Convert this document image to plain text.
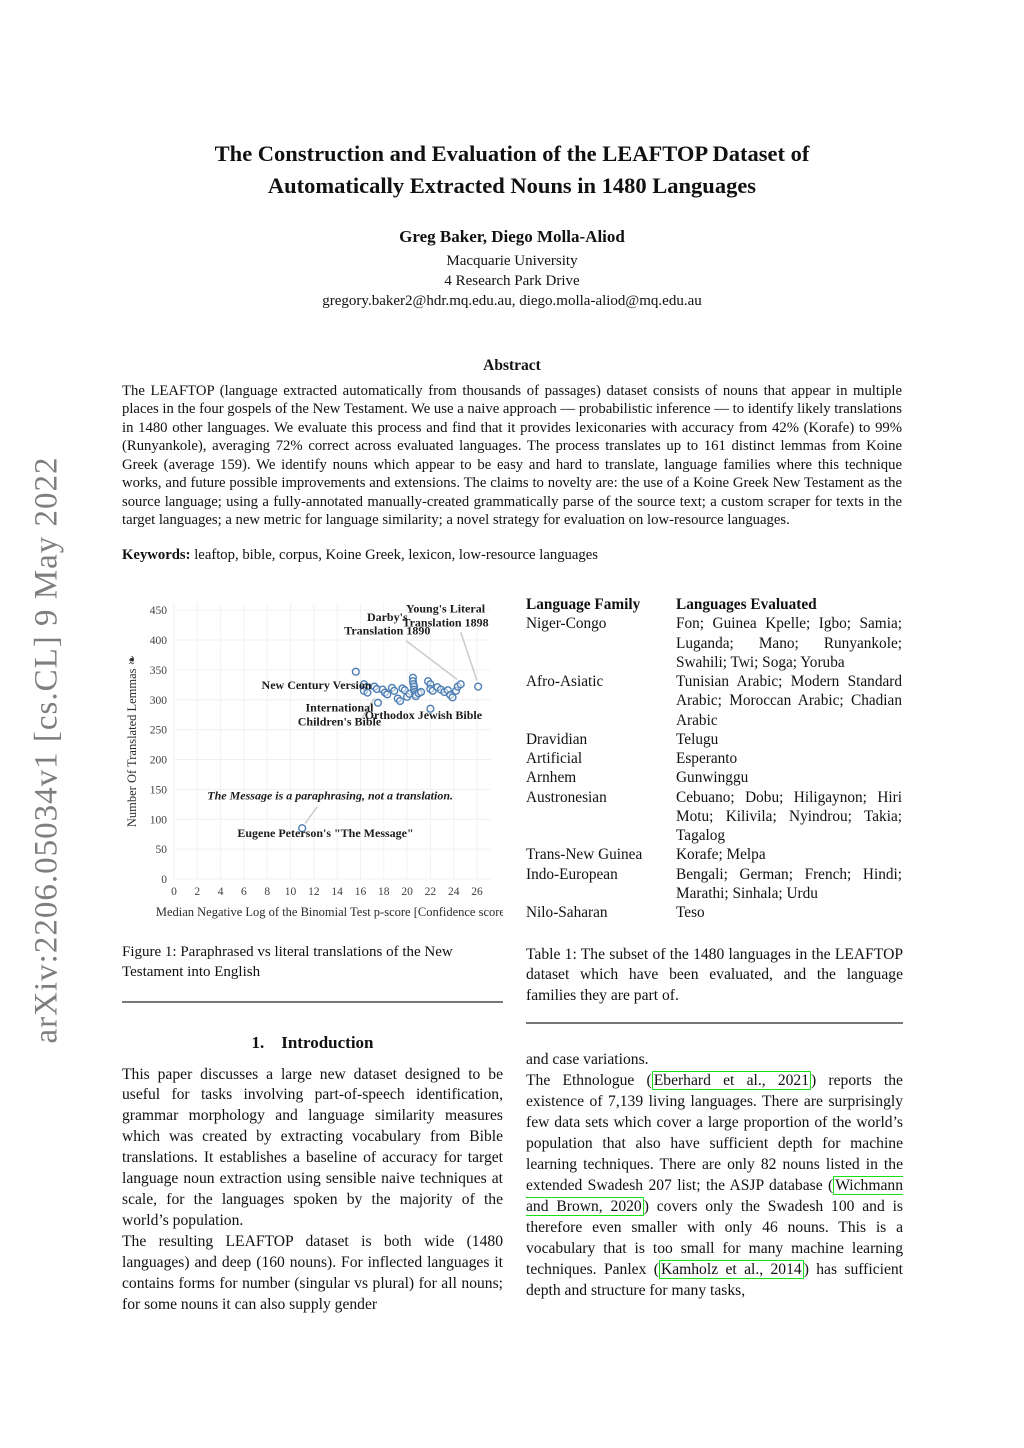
arXiv:2206.05034v1 [cs.CL] 9 May 2022
The Construction and Evaluation of the LEAFTOP Dataset of Automatically Extracted Nouns in 1480 Languages
Greg Baker, Diego Molla-Aliod
Macquarie University
4 Research Park Drive
gregory.baker2@hdr.mq.edu.au, diego.molla-aliod@mq.edu.au
Abstract
The LEAFTOP (language extracted automatically from thousands of passages) dataset consists of nouns that appear in multiple places in the four gospels of the New Testament. We use a naive approach — probabilistic inference — to identify likely translations in 1480 other languages. We evaluate this process and find that it provides lexiconaries with accuracy from 42% (Korafe) to 99% (Runyankole), averaging 72% correct across evaluated languages. The process translates up to 161 distinct lemmas from Koine Greek (average 159). We identify nouns which appear to be easy and hard to translate, language families where this technique works, and future possible improvements and extensions. The claims to novelty are: the use of a Koine Greek New Testament as the source language; using a fully-annotated manually-created grammatically parse of the source text; a custom scraper for texts in the target languages; a new metric for language similarity; a novel strategy for evaluation on low-resource languages.
Keywords: leaftop, bible, corpus, Koine Greek, lexicon, low-resource languages
0
50
100
150
200
250
300
350
400
450
0 2 4 6 8 10 12 14 16 18 20 22 24 26
Median Negative Log of the Binomial Test p-score [Confidence score]
Number Of Translated Lemmas ❧
Darby's
Translation 1890
Young's Literal
Translation 1898
New Century Version
International
Children's Bible
Orthodox Jewish Bible
The Message is a paraphrasing, not a translation.
Eugene Peterson's "The Message"
Figure 1: Paraphrased vs literal translations of the New Testament into English
1.    Introduction
This paper discusses a large new dataset designed to be useful for tasks involving part-of-speech identification, grammar morphology and language similarity measures which was created by extracting vocabulary from Bible translations. It establishes a baseline of accuracy for target language noun extraction using sensible naive techniques at scale, for the languages spoken by the majority of the world’s population.
The resulting LEAFTOP dataset is both wide (1480 languages) and deep (160 nouns). For inflected languages it contains forms for number (singular vs plural) for all nouns; for some nouns it can also supply gender
Language Family	Languages Evaluated
Niger-Congo	Fon; Guinea Kpelle; Igbo; Samia; Luganda; Mano; Runyankole; Swahili; Twi; Soga; Yoruba
Afro-Asiatic	Tunisian Arabic; Modern Standard Arabic; Moroccan Arabic; Chadian Arabic
Dravidian	Telugu
Artificial	Esperanto
Arnhem	Gunwinggu
Austronesian	Cebuano; Dobu; Hiligaynon; Hiri Motu; Kilivila; Nyindrou; Takia; Tagalog
Trans-New Guinea	Korafe; Melpa
Indo-European	Bengali; German; French; Hindi; Marathi; Sinhala; Urdu
Nilo-Saharan	Teso
Table 1: The subset of the 1480 languages in the LEAFTOP dataset which have been evaluated, and the language families they are part of.
and case variations.
The Ethnologue ( Eberhard et al., 2021 ) reports the existence of 7,139 living languages. There are surprisingly few data sets which cover a large proportion of the world’s population that also have sufficient depth for machine learning techniques. There are only 82 nouns listed in the extended Swadesh 207 list; the ASJP database ( Wichmann and Brown, 2020 ) covers only the Swadesh 100 and is therefore even smaller with only 46 nouns. This is a vocabulary that is too small for many machine learning techniques. Panlex ( Kamholz et al., 2014 ) has sufficient depth and structure for many tasks,
